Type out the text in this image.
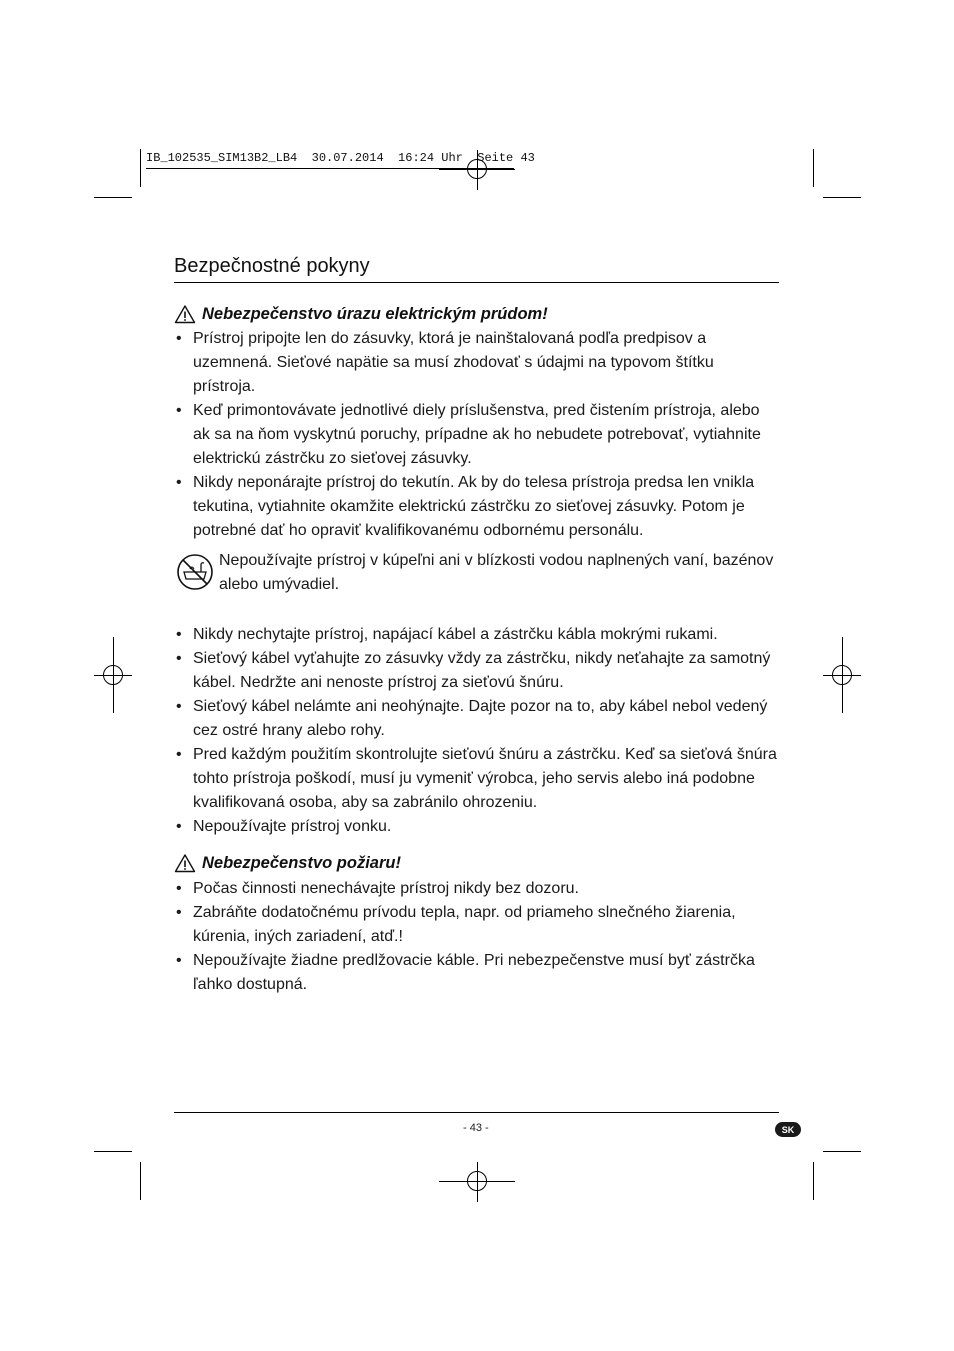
IB_102535_SIM13B2_LB4  30.07.2014  16:24 Uhr  Seite 43
Bezpečnostné pokyny
Nebezpečenstvo úrazu elektrickým prúdom!
• Prístroj pripojte len do zásuvky, ktorá je nainštalovaná podľa predpisov a uzemnená. Sieťové napätie sa musí zhodovať s údajmi na typovom štítku prístroja.
• Keď primontovávate jednotlivé diely príslušenstva, pred čistením prístroja, alebo ak sa na ňom vyskytnú poruchy, prípadne ak ho nebudete potrebovať, vytiahnite elektrickú zástrčku zo sieťovej zásuvky.
• Nikdy neponárajte prístroj do tekutín. Ak by do telesa prístroja predsa len vnikla tekutina, vytiahnite okamžite elektrickú zástrčku zo sieťovej zásuvky. Potom je potrebné dať ho opraviť kvalifikovanému odbornému personálu.
Nepoužívajte prístroj v kúpeľni ani v blízkosti vodou naplnených vaní, bazénov alebo umývadiel.
• Nikdy nechytajte prístroj, napájací kábel a zástrčku kábla mokrými rukami.
• Sieťový kábel vyťahujte zo zásuvky vždy za zástrčku, nikdy neťahajte za samotný kábel. Nedržte ani nenoste prístroj za sieťovú šnúru.
• Sieťový kábel nelámte ani neohýnajte. Dajte pozor na to, aby kábel nebol vedený cez ostré hrany alebo rohy.
• Pred každým použitím skontrolujte sieťovú šnúru a zástrčku. Keď sa sieťová šnúra tohto prístroja poškodí, musí ju vymeniť výrobca, jeho servis alebo iná podobne kvalifikovaná osoba, aby sa zabránilo ohrozeniu.
• Nepoužívajte prístroj vonku.
Nebezpečenstvo požiaru!
• Počas činnosti nenechávajte prístroj nikdy bez dozoru.
• Zabráňte dodatočnému prívodu tepla, napr. od priameho slnečného žiarenia, kúrenia, iných zariadení, atď.!
• Nepoužívajte žiadne predlžovacie káble. Pri nebezpečenstve musí byť zástrčka ľahko dostupná.
- 43 -	SK
